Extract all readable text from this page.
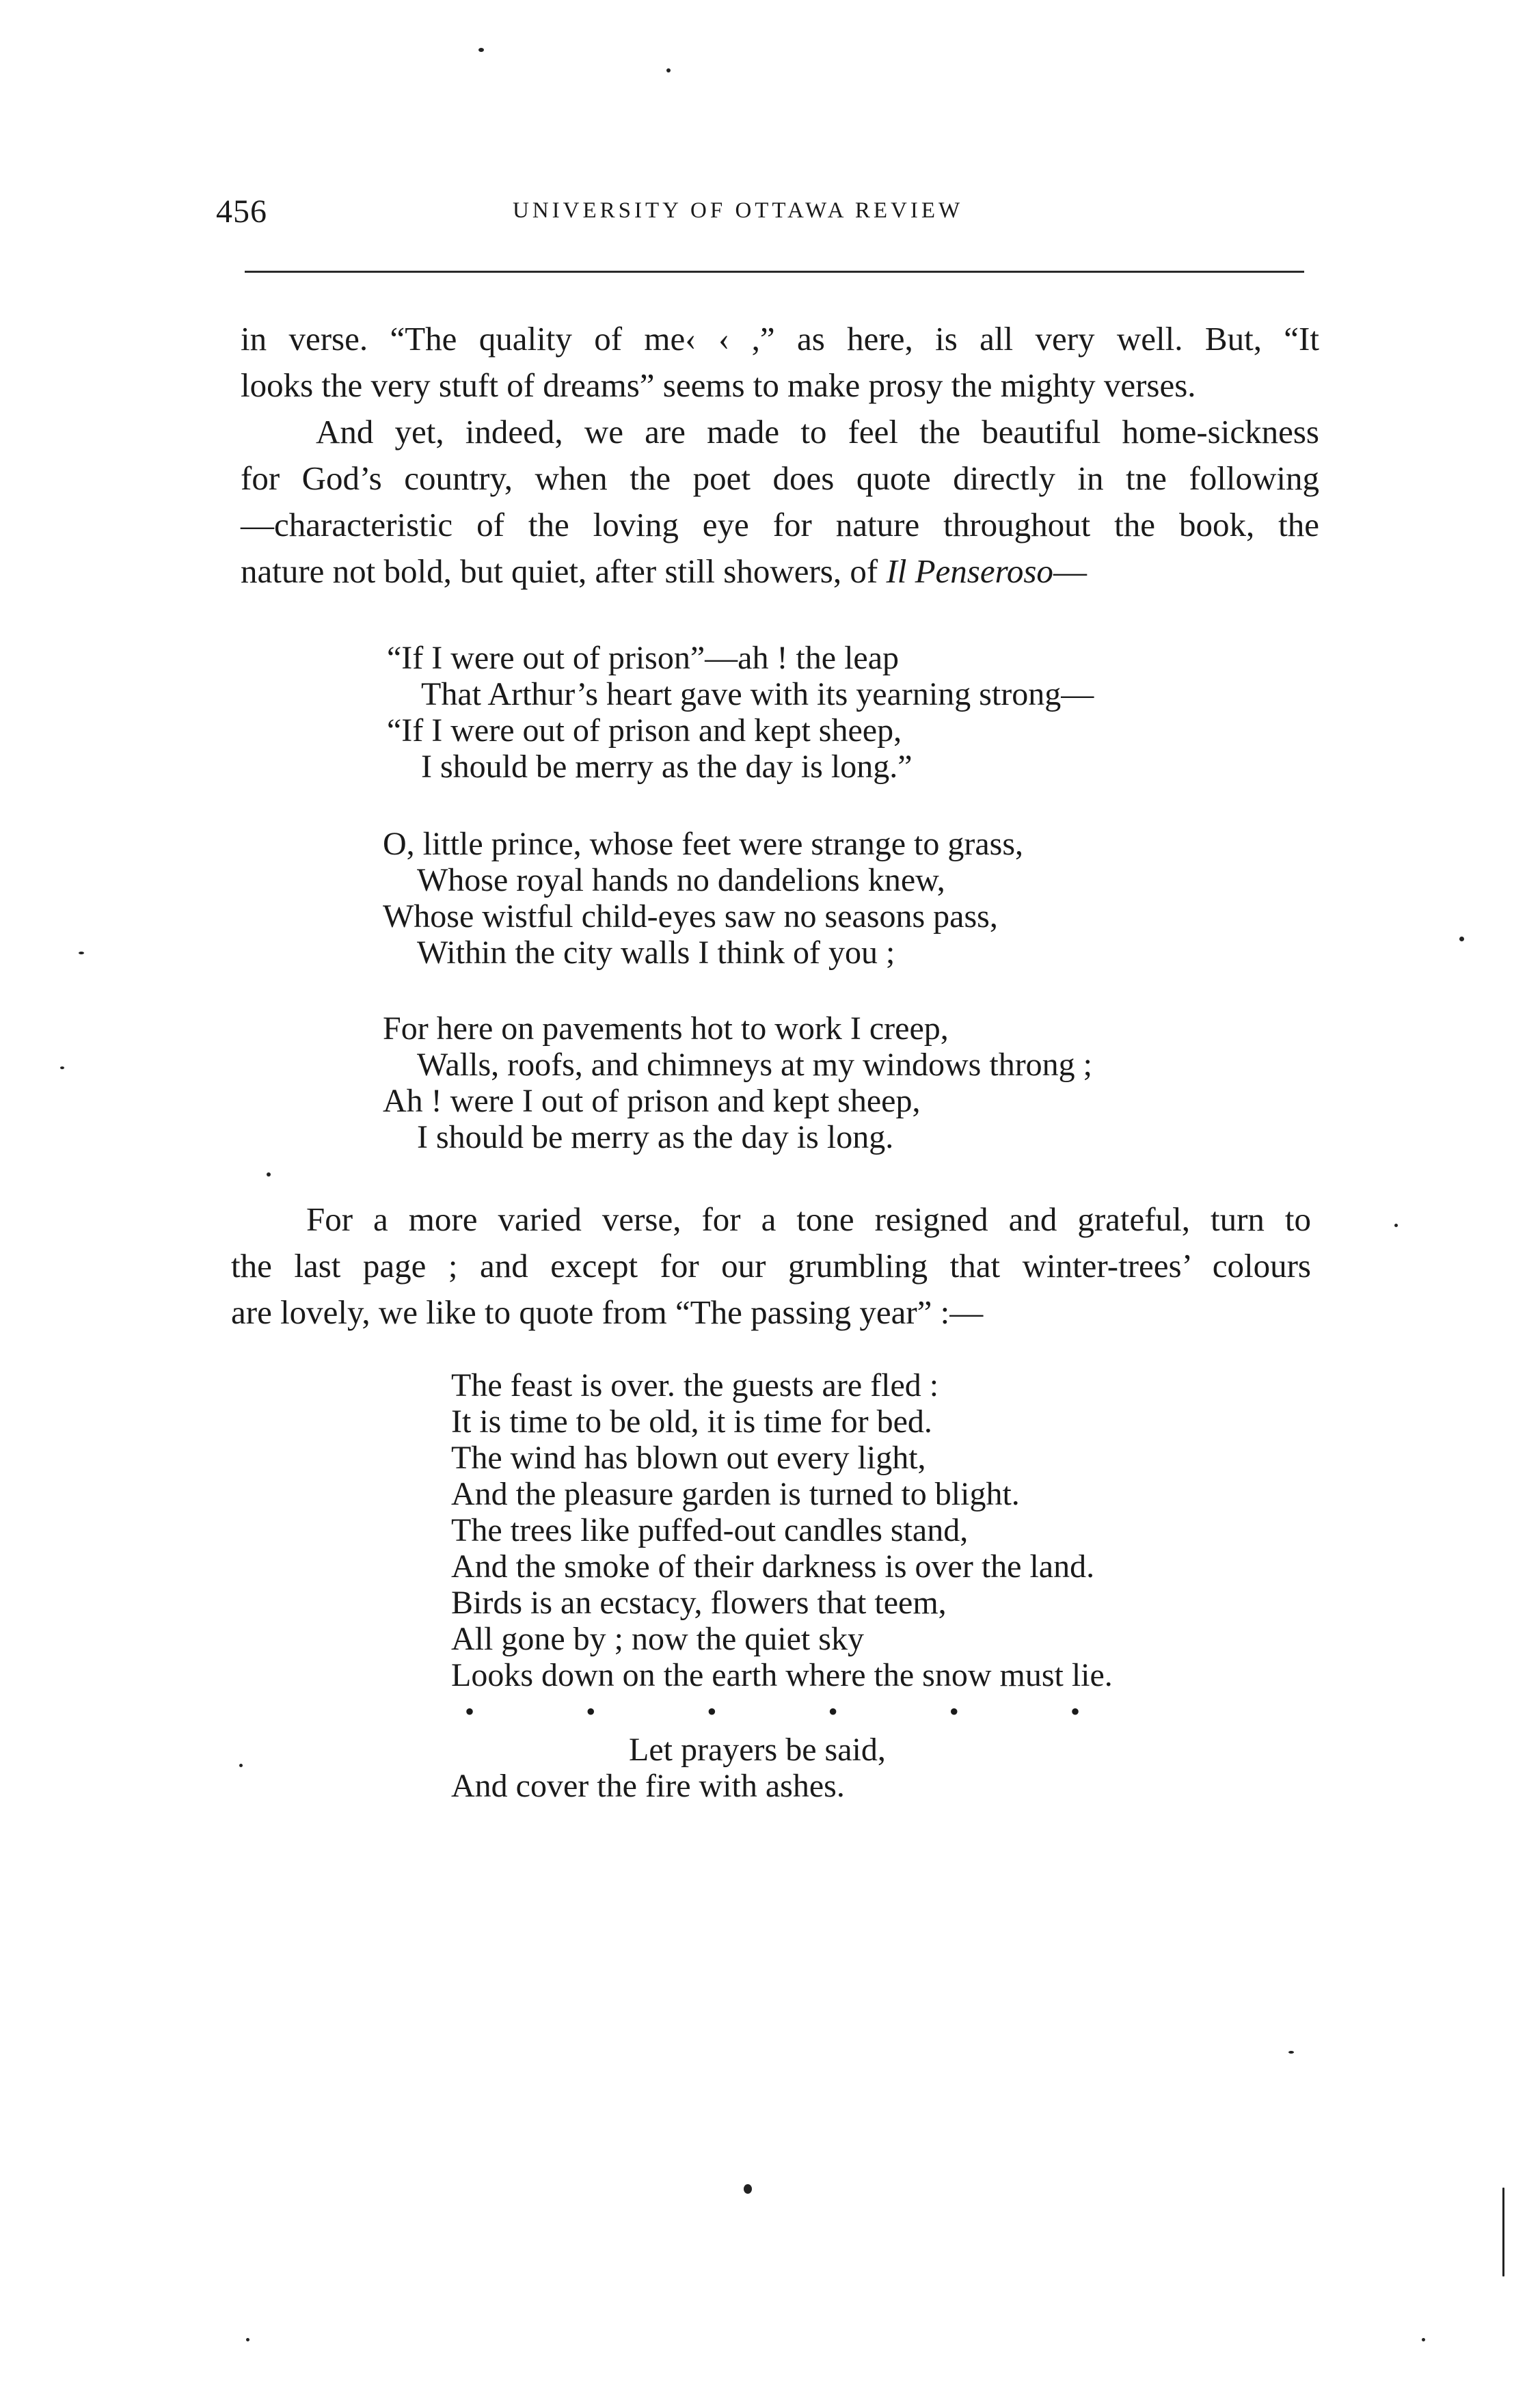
456	UNIVERSITY OF OTTAWA REVIEW
in verse. “The quality of me‹ ‹ ,” as here, is all very well. But, “It
looks the very stuft of dreams” seems to make prosy the mighty verses.
And yet, indeed, we are made to feel the beautiful home-sickness
for God’s country, when the poet does quote directly in tne following
—characteristic of the loving eye for nature throughout the book, the
nature not bold, but quiet, after still showers, of Il Penseroso—
“If I were out of prison”—ah ! the leap
That Arthur’s heart gave with its yearning strong—
“If I were out of prison and kept sheep,
I should be merry as the day is long.”
O, little prince, whose feet were strange to grass,
Whose royal hands no dandelions knew,
Whose wistful child-eyes saw no seasons pass,
Within the city walls I think of you ;
For here on pavements hot to work I creep,
Walls, roofs, and chimneys at my windows throng ;
Ah ! were I out of prison and kept sheep,
I should be merry as the day is long.
For a more varied verse, for a tone resigned and grateful, turn to
the last page ; and except for our grumbling that winter-trees’ colours
are lovely, we like to quote from “The passing year” :—
The feast is over. the guests are fled :
It is time to be old, it is time for bed.
The wind has blown out every light,
And the pleasure garden is turned to blight.
The trees like puffed-out candles stand,
And the smoke of their darkness is over the land.
Birds is an ecstacy, flowers that teem,
All gone by ; now the quiet sky
Looks down on the earth where the snow must lie.
•	•	•	•	•	•
Let prayers be said,
And cover the fire with ashes.
